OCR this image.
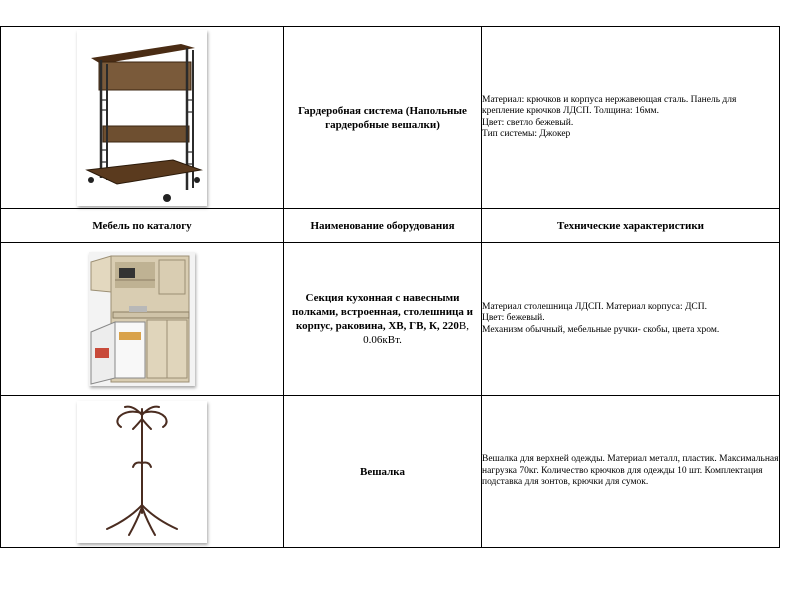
	Гардеробная система (Напольные гардеробные вешалки)	Материал: крючков и корпуса нержавеющая сталь. Панель для крепление крючков ЛДСП. Толщина: 16мм.
Цвет: светло бежевый.
Тип системы: Джокер

Мебель по каталогу	Наименование оборудования	Технические характеристики
	Секция кухонная с навесными полками, встроенная, столешница и корпус, раковина, ХВ, ГВ, К, 220В, 0.06кВт.	Материал столешница ЛДСП. Материал корпуса: ДСП.
Цвет: бежевый.
Механизм обычный, мебельные ручки- скобы, цвета хром.

	Вешалка	Вешалка для верхней одежды. Материал металл, пластик. Максимальная нагрузка 70кг. Количество крючков для одежды 10 шт. Комплектация
подставка для зонтов, крючки для сумок.
